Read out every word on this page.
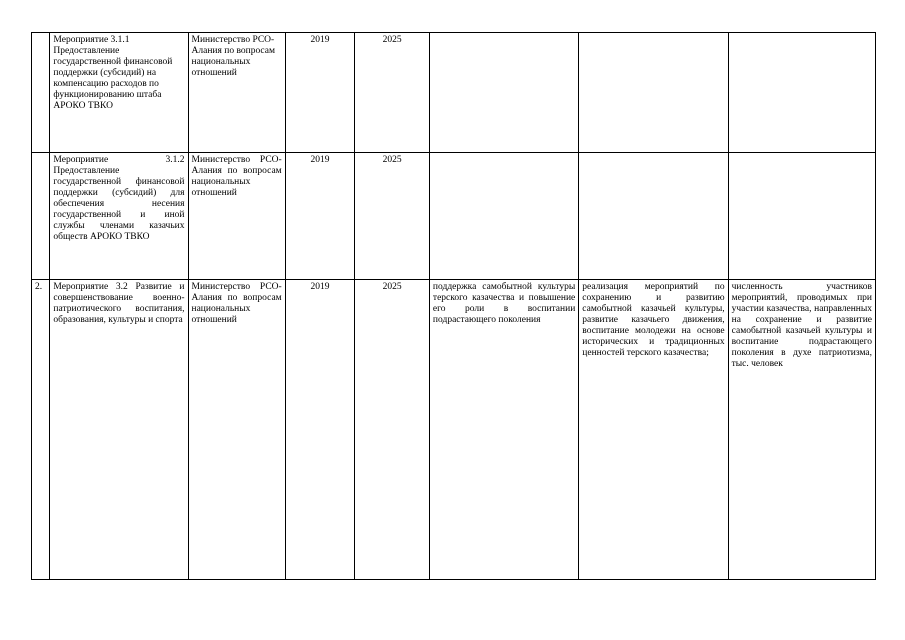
	Мероприятие 3.1.1 Предоставление государственной финансовой поддержки (субсидий) на компенсацию расходов по функционированию штаба АРОКО ТВКО	Министерство РСО-Алания по вопросам национальных отношений	2019	2025			
	Мероприятие 3.1.2 Предоставление государственной финансовой поддержки (субсидий) для обеспечения несения государственной и иной службы членами казачьих обществ АРОКО ТВКО	Министерство РСО-Алания по вопросам национальных отношений	2019	2025			
2.	Мероприятие 3.2 Развитие и совершенствование военно-патриотического воспитания, образования, культуры и спорта	Министерство РСО-Алания по вопросам национальных отношений	2019	2025	поддержка самобытной культуры терского казачества и повышение его роли в воспитании подрастающего поколения	реализация мероприятий по сохранению и развитию самобытной казачьей культуры, развитие казачьего движения, воспитание молодежи на основе исторических и традиционных ценностей терского казачества;	численность участников мероприятий, проводимых при участии казачества, направленных на сохранение и развитие самобытной казачьей культуры и воспитание подрастающего поколения в духе патриотизма, тыс. человек
